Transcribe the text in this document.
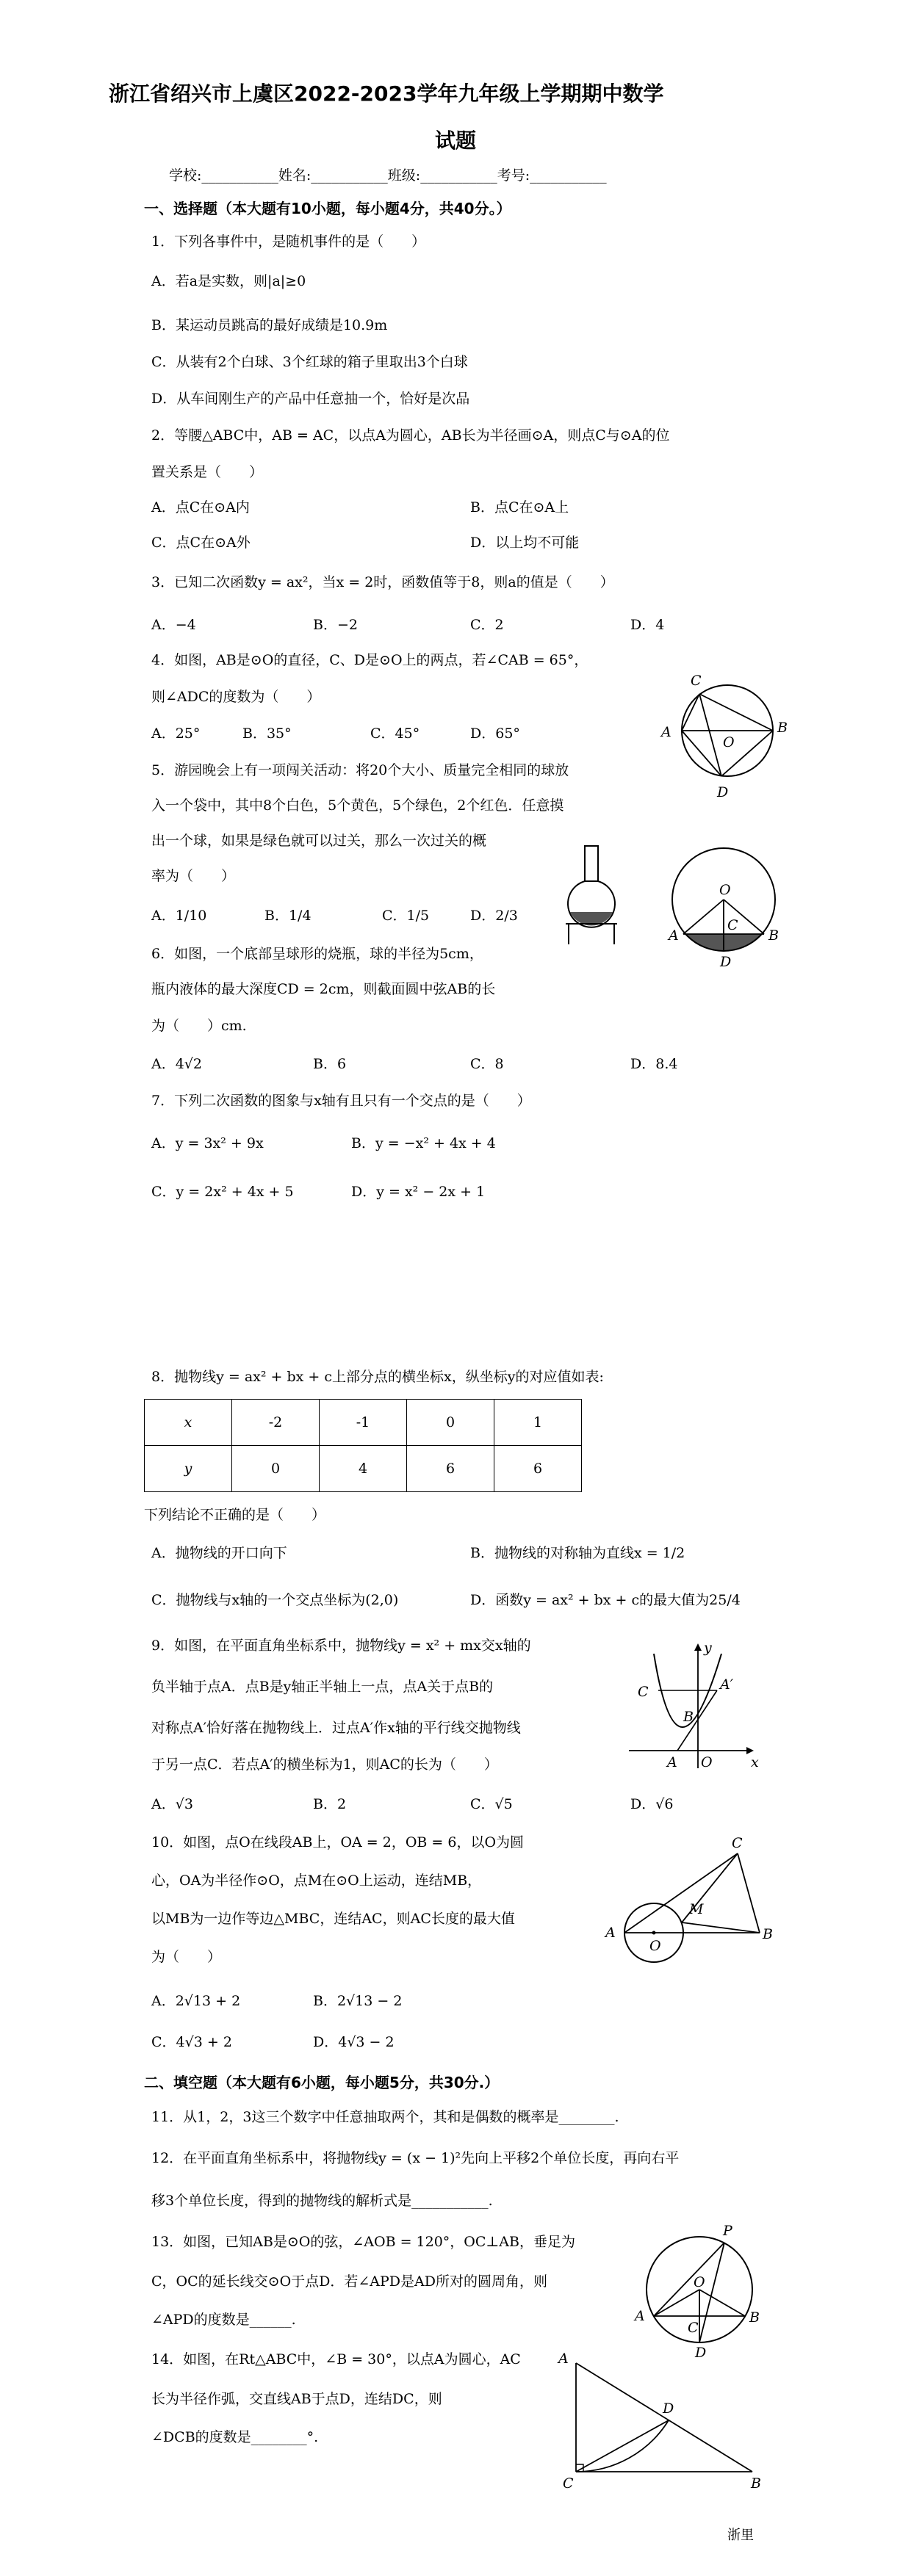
浙江省绍兴市上虞区2022-2023学年九年级上学期期中数学
试题
学校:___________姓名:___________班级:___________考号:___________
一、选择题（本大题有10小题，每小题4分，共40分。）
1．下列各事件中，是随机事件的是（　　）
A．若a是实数，则|a|≥0
B．某运动员跳高的最好成绩是10.9m
C．从装有2个白球、3个红球的箱子里取出3个白球
D．从车间刚生产的产品中任意抽一个，恰好是次品
2．等腰△ABC中，AB = AC，以点A为圆心，AB长为半径画⊙A，则点C与⊙A的位
置关系是（　　）
A．点C在⊙A内	B．点C在⊙A上
C．点C在⊙A外	D．以上均不可能
3．已知二次函数y = ax²，当x = 2时，函数值等于8，则a的值是（　　）
A．−4	B．−2	C．2	D．4
4．如图，AB是⊙O的直径，C、D是⊙O上的两点，若∠CAB = 65°，
则∠ADC的度数为（　　）
A．25°	B．35°	C．45°	D．65°
C
A
O
B
D
5．游园晚会上有一项闯关活动：将20个大小、质量完全相同的球放
入一个袋中，其中8个白色，5个黄色，5个绿色，2个红色．任意摸
出一个球，如果是绿色就可以过关，那么一次过关的概
率为（　　）
A．1/10	B．1/4	C．1/5	D．2/3
O
A
C
B
D
6．如图，一个底部呈球形的烧瓶，球的半径为5cm，
瓶内液体的最大深度CD = 2cm，则截面圆中弦AB的长
为（　　）cm.
A．4√2	B．6	C．8	D．8.4
7．下列二次函数的图象与x轴有且只有一个交点的是（　　）
A．y = 3x² + 9x	B．y = −x² + 4x + 4
C．y = 2x² + 4x + 5	D．y = x² − 2x + 1
8．抛物线y = ax² + bx + c上部分点的横坐标x，纵坐标y的对应值如表:
x	-2	-1	0	1
y	0	4	6	6
下列结论不正确的是（　　）
A．抛物线的开口向下	B．抛物线的对称轴为直线x = 1/2
C．抛物线与x轴的一个交点坐标为(2,0)	D．函数y = ax² + bx + c的最大值为25/4
9．如图，在平面直角坐标系中，抛物线y = x² + mx交x轴的
负半轴于点A．点B是y轴正半轴上一点，点A关于点B的
对称点A′恰好落在抛物线上．过点A′作x轴的平行线交抛物线
于另一点C．若点A′的横坐标为1，则AC的长为（　　）
A．√3	B．2	C．√5	D．√6
y
C	A′
B
A O	x
10．如图，点O在线段AB上，OA = 2，OB = 6，以O为圆
心，OA为半径作⊙O，点M在⊙O上运动，连结MB，
以MB为一边作等边△MBC，连结AC，则AC长度的最大值
为（　　）
A．2√13 + 2	B．2√13 − 2
C．4√3 + 2	D．4√3 − 2
C
M
A
O
B
二、填空题（本大题有6小题，每小题5分，共30分.）
11．从1，2，3这三个数字中任意抽取两个，其和是偶数的概率是________.
12．在平面直角坐标系中，将抛物线y = (x − 1)²先向上平移2个单位长度，再向右平
移3个单位长度，得到的抛物线的解析式是___________.
13．如图，已知AB是⊙O的弦，∠AOB = 120°，OC⊥AB，垂足为
C，OC的延长线交⊙O于点D．若∠APD是AD所对的圆周角，则
∠APD的度数是______.
P
O
A
C
B
D
14．如图，在Rt△ABC中，∠B = 30°，以点A为圆心，AC
长为半径作弧，交直线AB于点D，连结DC，则
∠DCB的度数是________°.
A
D
C	B
浙里
